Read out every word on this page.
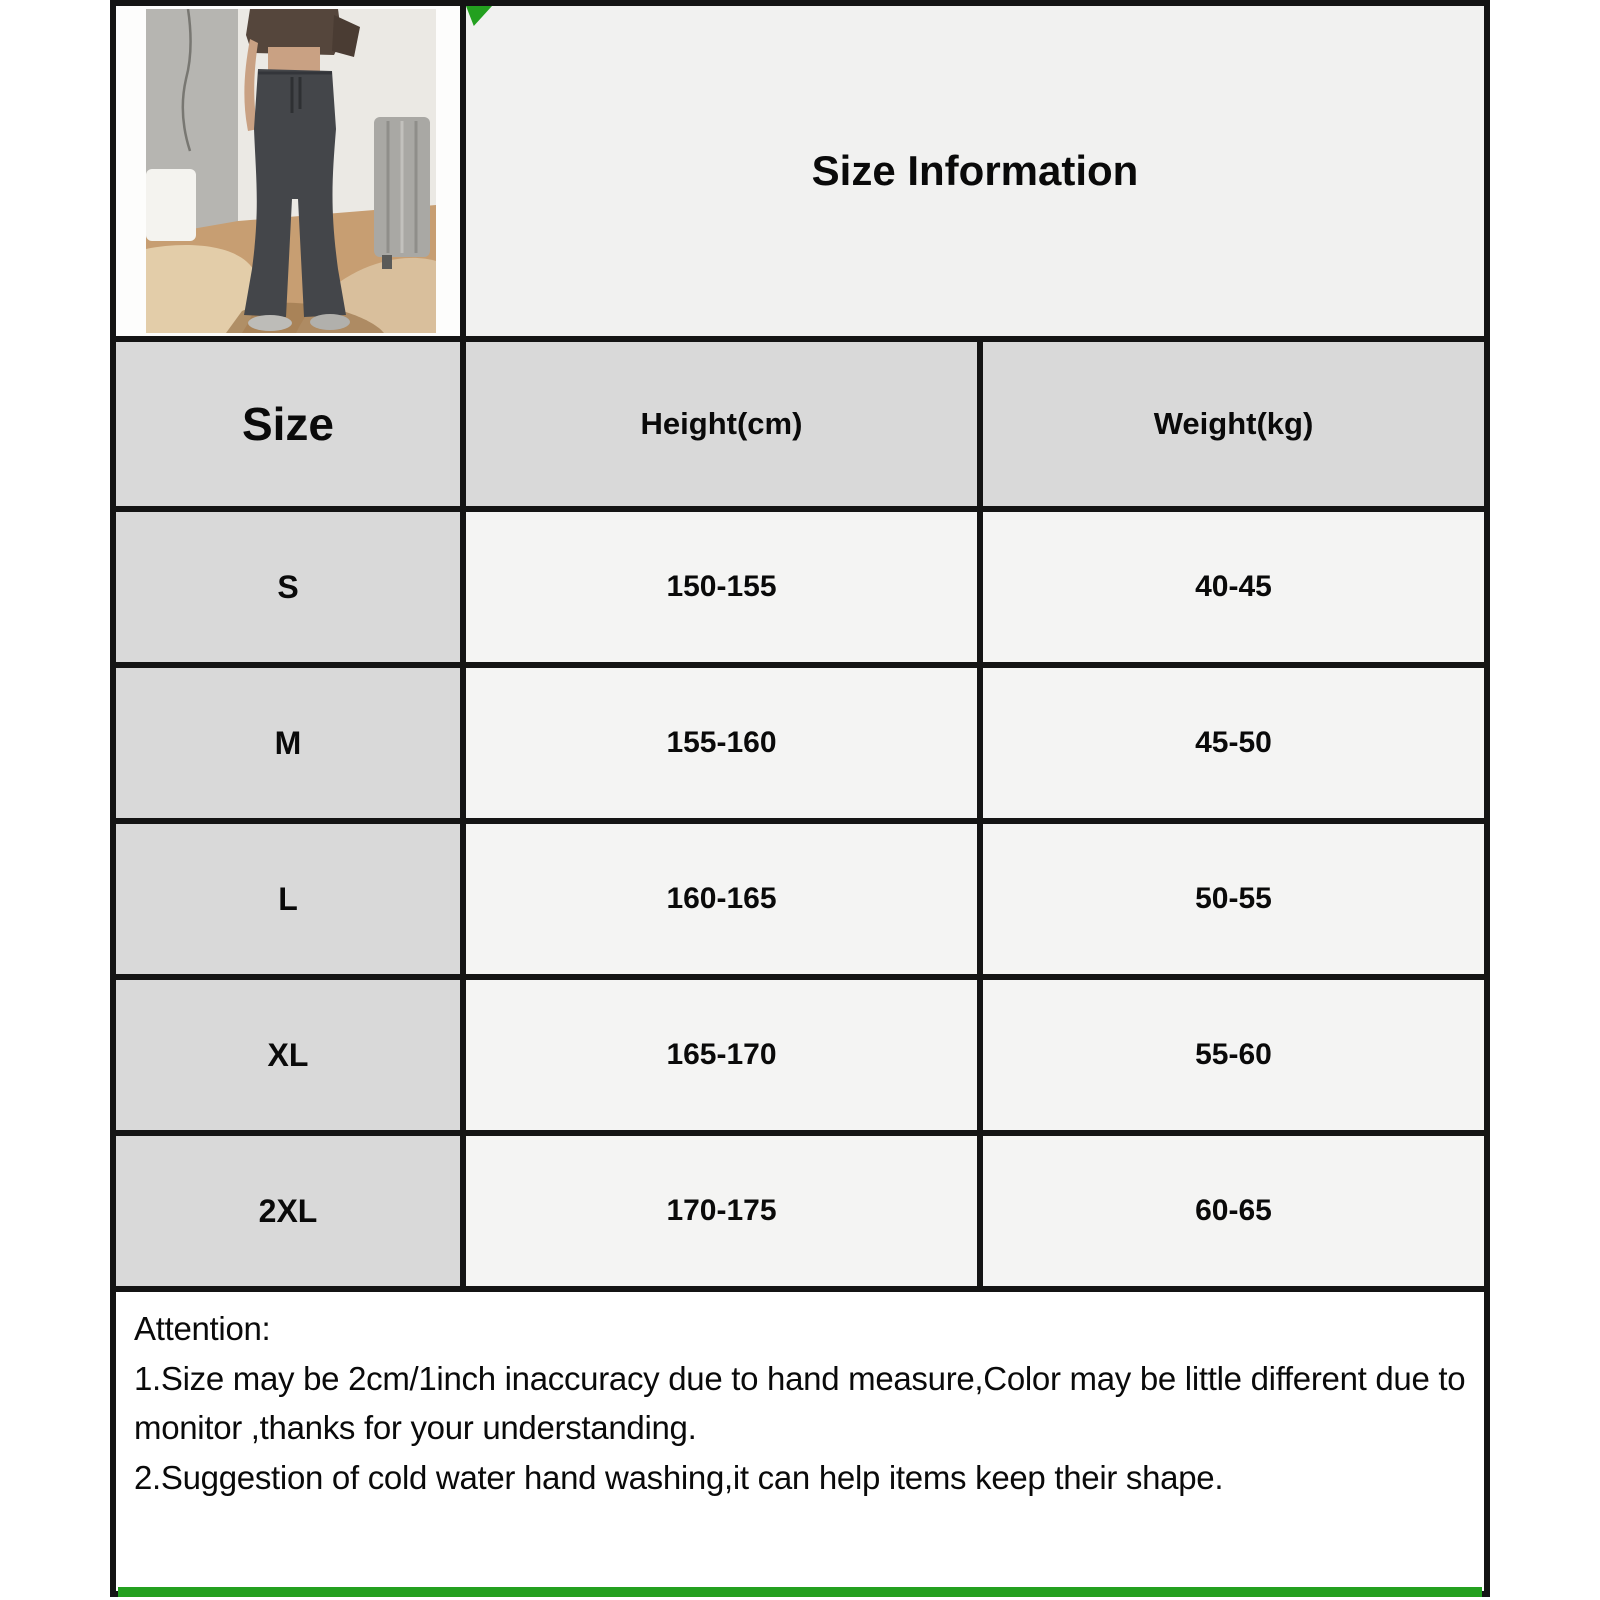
Size Information
Size	Height(cm)	Weight(kg)
S	150-155	40-45
M	155-160	45-50
L	160-165	50-55
XL	165-170	55-60
2XL	170-175	60-65

Attention:

1.Size may be 2cm/1inch inaccuracy due to hand measure,Color may be little different due to monitor ,thanks for your understanding.

2.Suggestion of cold water hand washing,it can help items keep their shape.
